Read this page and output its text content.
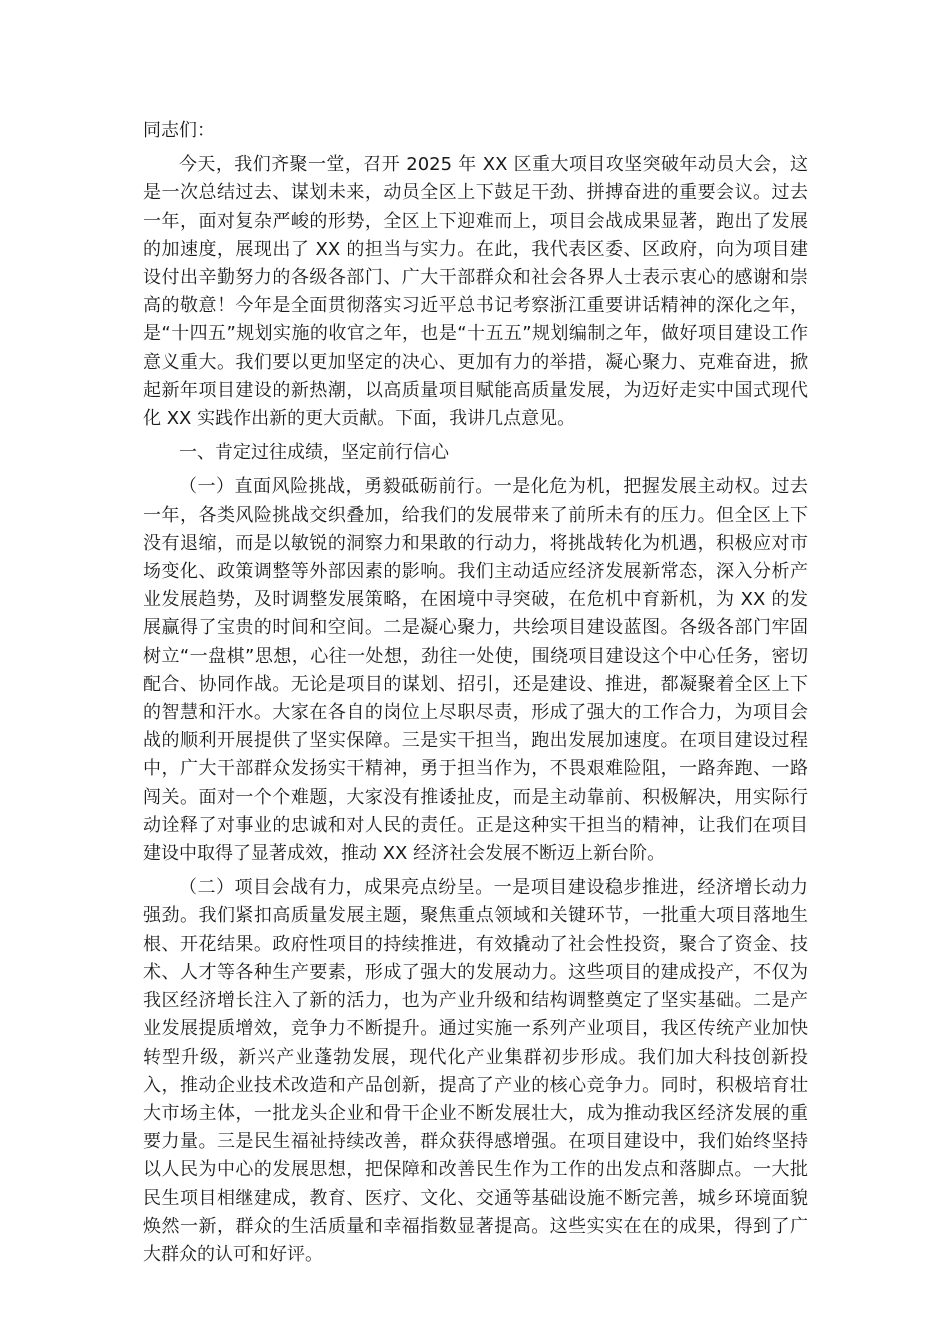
同志们：

今天，我们齐聚一堂，召开 2025 年 XX 区重大项目攻坚突破年动员大会，这是一次总结过去、谋划未来，动员全区上下鼓足干劲、拼搏奋进的重要会议。过去一年，面对复杂严峻的形势，全区上下迎难而上，项目会战成果显著，跑出了发展的加速度，展现出了 XX 的担当与实力。在此，我代表区委、区政府，向为项目建设付出辛勤努力的各级各部门、广大干部群众和社会各界人士表示衷心的感谢和崇高的敬意！今年是全面贯彻落实习近平总书记考察浙江重要讲话精神的深化之年，是“十四五”规划实施的收官之年，也是“十五五”规划编制之年，做好项目建设工作意义重大。我们要以更加坚定的决心、更加有力的举措，凝心聚力、克难奋进，掀起新年项目建设的新热潮，以高质量项目赋能高质量发展，为迈好走实中国式现代化 XX 实践作出新的更大贡献。下面，我讲几点意见。

一、肯定过往成绩，坚定前行信心

（一）直面风险挑战，勇毅砥砺前行。一是化危为机，把握发展主动权。过去一年，各类风险挑战交织叠加，给我们的发展带来了前所未有的压力。但全区上下没有退缩，而是以敏锐的洞察力和果敢的行动力，将挑战转化为机遇，积极应对市场变化、政策调整等外部因素的影响。我们主动适应经济发展新常态，深入分析产业发展趋势，及时调整发展策略，在困境中寻突破，在危机中育新机，为 XX 的发展赢得了宝贵的时间和空间。二是凝心聚力，共绘项目建设蓝图。各级各部门牢固树立“一盘棋”思想，心往一处想，劲往一处使，围绕项目建设这个中心任务，密切配合、协同作战。无论是项目的谋划、招引，还是建设、推进，都凝聚着全区上下的智慧和汗水。大家在各自的岗位上尽职尽责，形成了强大的工作合力，为项目会战的顺利开展提供了坚实保障。三是实干担当，跑出发展加速度。在项目建设过程中，广大干部群众发扬实干精神，勇于担当作为，不畏艰难险阻，一路奔跑、一路闯关。面对一个个难题，大家没有推诿扯皮，而是主动靠前、积极解决，用实际行动诠释了对事业的忠诚和对人民的责任。正是这种实干担当的精神，让我们在项目建设中取得了显著成效，推动 XX 经济社会发展不断迈上新台阶。

（二）项目会战有力，成果亮点纷呈。一是项目建设稳步推进，经济增长动力强劲。我们紧扣高质量发展主题，聚焦重点领域和关键环节，一批重大项目落地生根、开花结果。政府性项目的持续推进，有效撬动了社会性投资，聚合了资金、技术、人才等各种生产要素，形成了强大的发展动力。这些项目的建成投产，不仅为我区经济增长注入了新的活力，也为产业升级和结构调整奠定了坚实基础。二是产业发展提质增效，竞争力不断提升。通过实施一系列产业项目，我区传统产业加快转型升级，新兴产业蓬勃发展，现代化产业集群初步形成。我们加大科技创新投入，推动企业技术改造和产品创新，提高了产业的核心竞争力。同时，积极培育壮大市场主体，一批龙头企业和骨干企业不断发展壮大，成为推动我区经济发展的重要力量。三是民生福祉持续改善，群众获得感增强。在项目建设中，我们始终坚持以人民为中心的发展思想，把保障和改善民生作为工作的出发点和落脚点。一大批民生项目相继建成，教育、医疗、文化、交通等基础设施不断完善，城乡环境面貌焕然一新，群众的生活质量和幸福指数显著提高。这些实实在在的成果，得到了广大群众的认可和好评。
